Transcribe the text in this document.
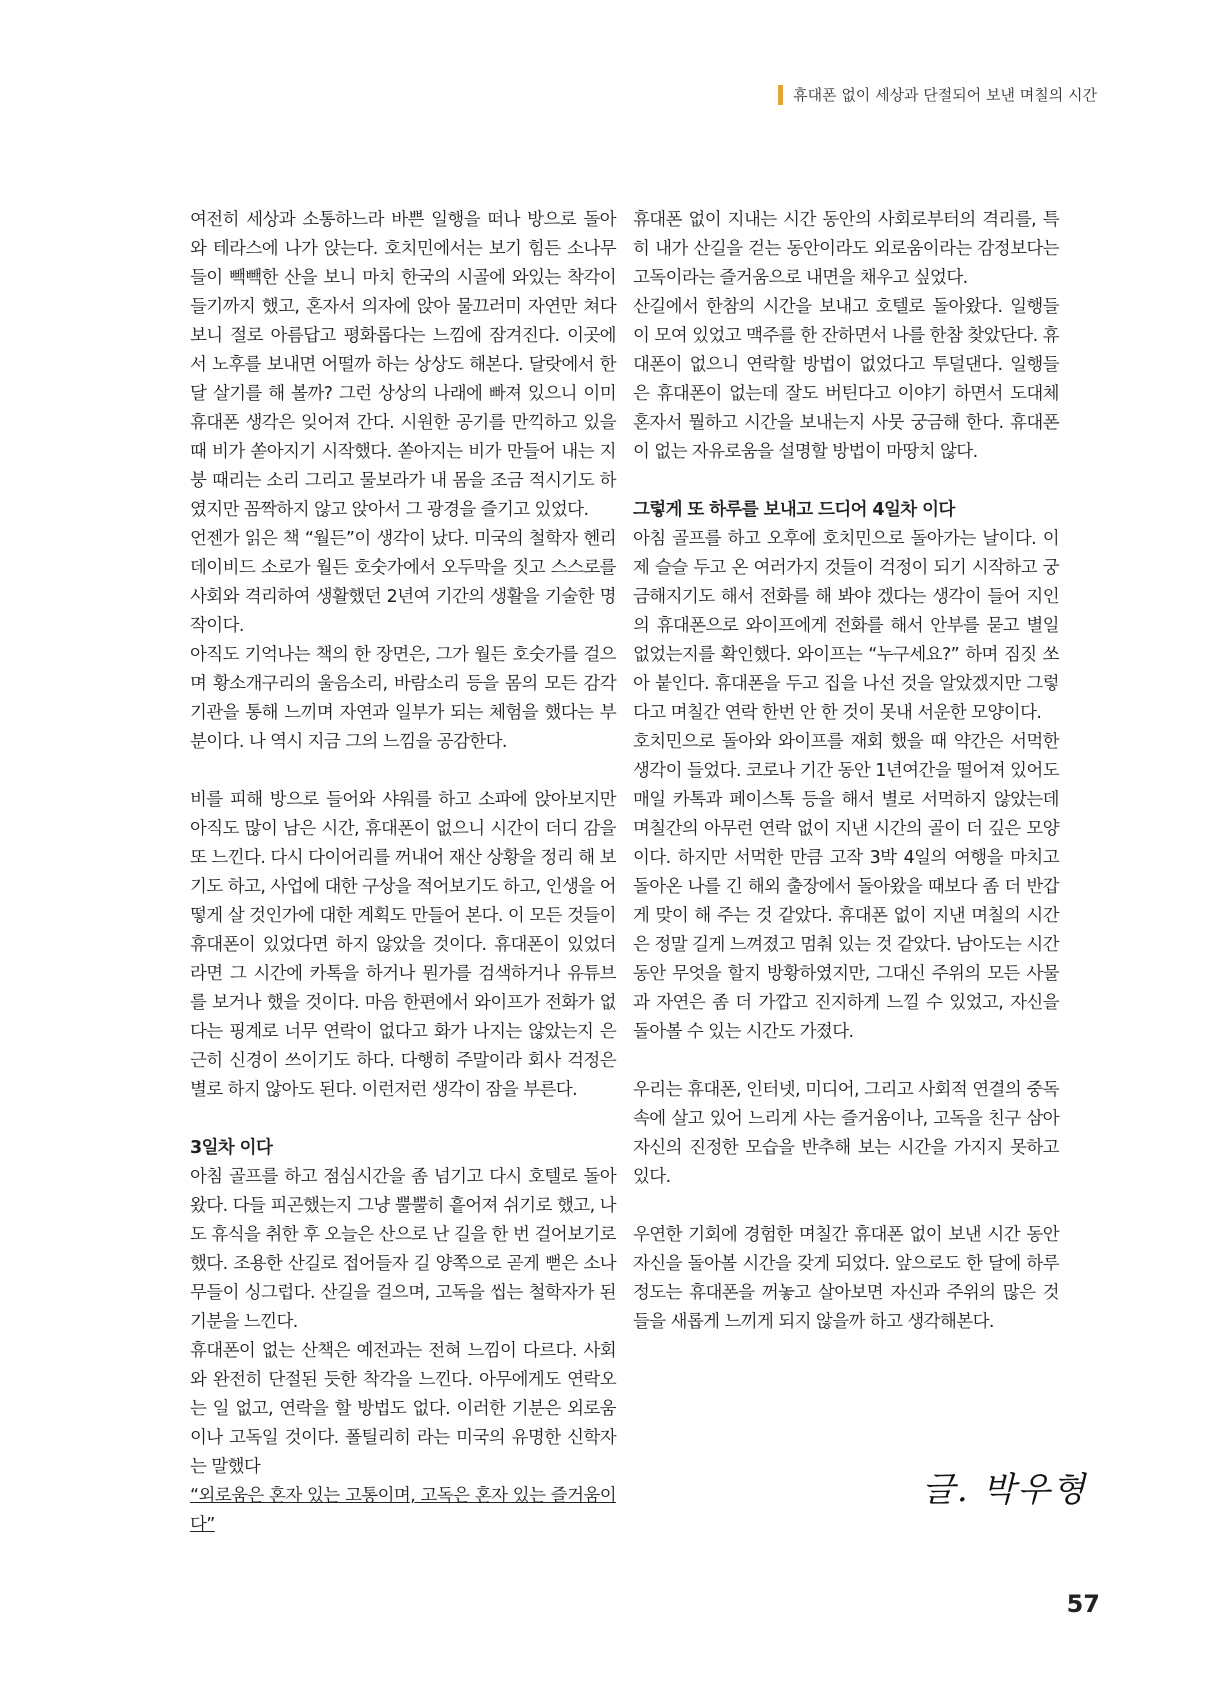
휴대폰 없이 세상과 단절되어 보낸 며칠의 시간

여전히 세상과 소통하느라 바쁜 일행을 떠나 방으로 돌아와 테라스에 나가 앉는다. 호치민에서는 보기 힘든 소나무들이 빽빽한 산을 보니 마치 한국의 시골에 와있는 착각이 들기까지 했고, 혼자서 의자에 앉아 물끄러미 자연만 쳐다 보니 절로 아름답고 평화롭다는 느낌에 잠겨진다. 이곳에서 노후를 보내면 어떨까 하는 상상도 해본다. 달랏에서 한달 살기를 해 볼까? 그런 상상의 나래에 빠져 있으니 이미 휴대폰 생각은 잊어져 간다. 시원한 공기를 만끽하고 있을 때 비가 쏟아지기 시작했다. 쏟아지는 비가 만들어 내는 지붕 때리는 소리 그리고 물보라가 내 몸을 조금 적시기도 하였지만 꼼짝하지 않고 앉아서 그 광경을 즐기고 있었다.

언젠가 읽은 책 “월든”이 생각이 났다. 미국의 철학자 헨리 데이비드 소로가 월든 호숫가에서 오두막을 짓고 스스로를 사회와 격리하여 생활했던 2년여 기간의 생활을 기술한 명작이다.

아직도 기억나는 책의 한 장면은, 그가 월든 호숫가를 걸으며 황소개구리의 울음소리, 바람소리 등을 몸의 모든 감각기관을 통해 느끼며 자연과 일부가 되는 체험을 했다는 부분이다. 나 역시 지금 그의 느낌을 공감한다.

비를 피해 방으로 들어와 샤워를 하고 소파에 앉아보지만 아직도 많이 남은 시간, 휴대폰이 없으니 시간이 더디 감을 또 느낀다. 다시 다이어리를 꺼내어 재산 상황을 정리 해 보기도 하고, 사업에 대한 구상을 적어보기도 하고, 인생을 어떻게 살 것인가에 대한 계획도 만들어 본다. 이 모든 것들이 휴대폰이 있었다면 하지 않았을 것이다. 휴대폰이 있었더라면 그 시간에 카톡을 하거나 뭔가를 검색하거나 유튜브를 보거나 했을 것이다. 마음 한편에서 와이프가 전화가 없다는 핑계로 너무 연락이 없다고 화가 나지는 않았는지 은근히 신경이 쓰이기도 하다. 다행히 주말이라 회사 걱정은 별로 하지 않아도 된다. 이런저런 생각이 잠을 부른다.

3일차 이다

아침 골프를 하고 점심시간을 좀 넘기고 다시 호텔로 돌아왔다. 다들 피곤했는지 그냥 뿔뿔히 흩어져 쉬기로 했고, 나도 휴식을 취한 후 오늘은 산으로 난 길을 한 번 걸어보기로 했다. 조용한 산길로 접어들자 길 양쪽으로 곧게 뻗은 소나무들이 싱그럽다. 산길을 걸으며, 고독을 씹는 철학자가 된 기분을 느낀다.

휴대폰이 없는 산책은 예전과는 전혀 느낌이 다르다. 사회와 완전히 단절된 듯한 착각을 느낀다. 아무에게도 연락오는 일 없고, 연락을 할 방법도 없다. 이러한 기분은 외로움이나 고독일 것이다. 폴틸리히 라는 미국의 유명한 신학자는 말했다

“외로움은 혼자 있는 고통이며, 고독은 혼자 있는 즐거움이다”

휴대폰 없이 지내는 시간 동안의 사회로부터의 격리를, 특히 내가 산길을 걷는 동안이라도 외로움이라는 감정보다는 고독이라는 즐거움으로 내면을 채우고 싶었다.

산길에서 한참의 시간을 보내고 호텔로 돌아왔다. 일행들이 모여 있었고 맥주를 한 잔하면서 나를 한참 찾았단다. 휴대폰이 없으니 연락할 방법이 없었다고 투덜댄다. 일행들은 휴대폰이 없는데 잘도 버틴다고 이야기 하면서 도대체 혼자서 뭘하고 시간을 보내는지 사뭇 궁금해 한다. 휴대폰이 없는 자유로움을 설명할 방법이 마땅치 않다.

그렇게 또 하루를 보내고 드디어 4일차 이다

아침 골프를 하고 오후에 호치민으로 돌아가는 날이다. 이제 슬슬 두고 온 여러가지 것들이 걱정이 되기 시작하고 궁금해지기도 해서 전화를 해 봐야 겠다는 생각이 들어 지인의 휴대폰으로 와이프에게 전화를 해서 안부를 묻고 별일 없었는지를 확인했다. 와이프는 “누구세요?” 하며 짐짓 쏘아 붙인다. 휴대폰을 두고 집을 나선 것을 알았겠지만 그렇다고 며칠간 연락 한번 안 한 것이 못내 서운한 모양이다.

호치민으로 돌아와 와이프를 재회 했을 때 약간은 서먹한 생각이 들었다. 코로나 기간 동안 1년여간을 떨어져 있어도 매일 카톡과 페이스톡 등을 해서 별로 서먹하지 않았는데 며칠간의 아무런 연락 없이 지낸 시간의 골이 더 깊은 모양이다. 하지만 서먹한 만큼 고작 3박 4일의 여행을 마치고 돌아온 나를 긴 해외 출장에서 돌아왔을 때보다 좀 더 반갑게 맞이 해 주는 것 같았다. 휴대폰 없이 지낸 며칠의 시간은 정말 길게 느껴졌고 멈춰 있는 것 같았다. 남아도는 시간 동안 무엇을 할지 방황하였지만, 그대신 주위의 모든 사물과 자연은 좀 더 가깝고 진지하게 느낄 수 있었고, 자신을 돌아볼 수 있는 시간도 가졌다.

우리는 휴대폰, 인터넷, 미디어, 그리고 사회적 연결의 중독 속에 살고 있어 느리게 사는 즐거움이나, 고독을 친구 삼아 자신의 진정한 모습을 반추해 보는 시간을 가지지 못하고 있다.

우연한 기회에 경험한 며칠간 휴대폰 없이 보낸 시간 동안 자신을 돌아볼 시간을 갖게 되었다. 앞으로도 한 달에 하루 정도는 휴대폰을 꺼놓고 살아보면 자신과 주위의 많은 것들을 새롭게 느끼게 되지 않을까 하고 생각해본다.

글. 박우형
57
